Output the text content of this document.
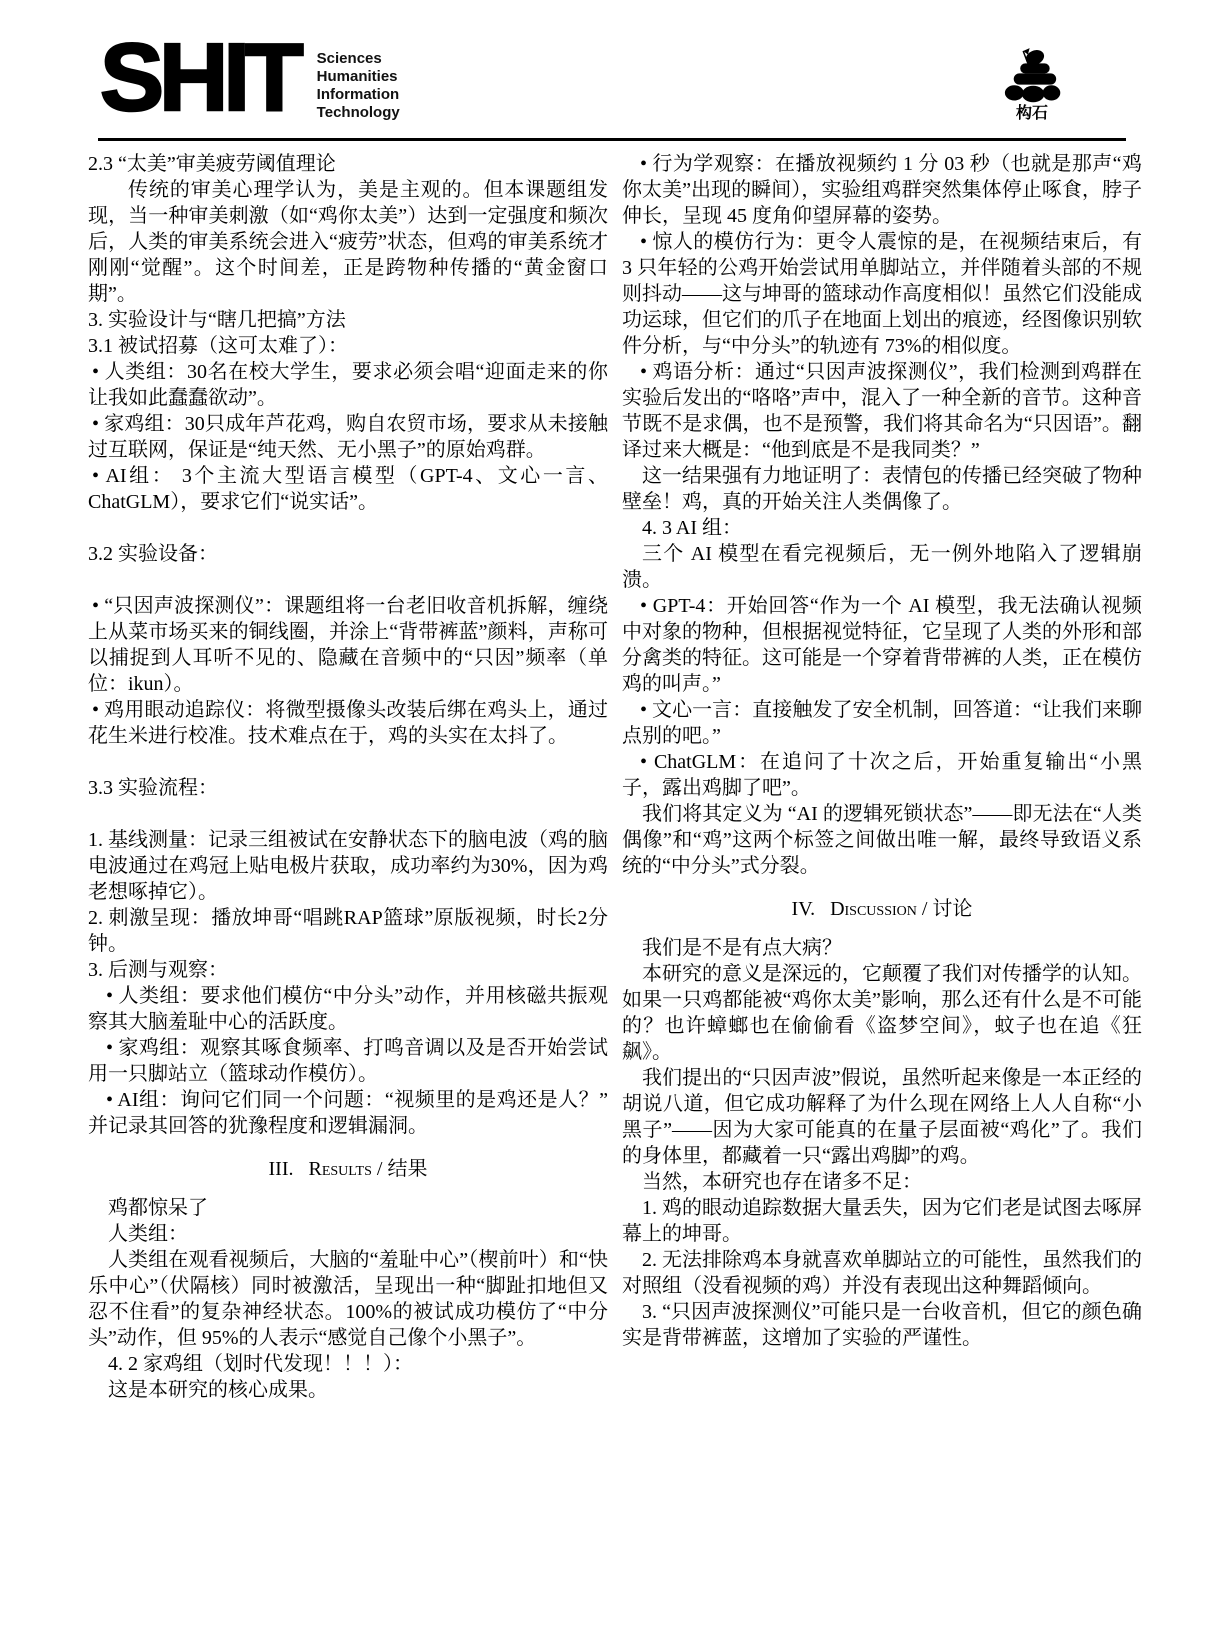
SHIT Sciences
Humanities
Information
Technology	构石

2.3 “太美”审美疲劳阈值理论

传统的审美心理学认为，美是主观的。但本课题组发现，当一种审美刺激（如“鸡你太美”）达到一定强度和频次后，人类的审美系统会进入“疲劳”状态，但鸡的审美系统才刚刚“觉醒”。这个时间差，正是跨物种传播的“黄金窗口期”。

3. 实验设计与“瞎几把搞”方法

3.1 被试招募（这可太难了）：

• 人类组：30名在校大学生，要求必须会唱“迎面走来的你让我如此蠢蠢欲动”。

• 家鸡组：30只成年芦花鸡，购自农贸市场，要求从未接触过互联网，保证是“纯天然、无小黑子”的原始鸡群。

• AI组： 3个主流大型语言模型（GPT-4、文心一言、ChatGLM），要求它们“说实话”。

3.2 实验设备：

• “只因声波探测仪”：课题组将一台老旧收音机拆解，缠绕上从菜市场买来的铜线圈，并涂上“背带裤蓝”颜料，声称可以捕捉到人耳听不见的、隐藏在音频中的“只因”频率（单位：ikun）。

• 鸡用眼动追踪仪：将微型摄像头改装后绑在鸡头上，通过花生米进行校准。技术难点在于，鸡的头实在太抖了。

3.3 实验流程：

1. 基线测量：记录三组被试在安静状态下的脑电波（鸡的脑电波通过在鸡冠上贴电极片获取，成功率约为30%，因为鸡老想啄掉它）。

2. 刺激呈现：播放坤哥“唱跳RAP篮球”原版视频，时长2分钟。

3. 后测与观察：

• 人类组：要求他们模仿“中分头”动作，并用核磁共振观察其大脑羞耻中心的活跃度。

• 家鸡组：观察其啄食频率、打鸣音调以及是否开始尝试用一只脚站立（篮球动作模仿）。

• AI组：询问它们同一个问题：“视频里的是鸡还是人？”并记录其回答的犹豫程度和逻辑漏洞。

III. Results / 结果

鸡都惊呆了

人类组：

人类组在观看视频后，大脑的“羞耻中心”（楔前叶）和“快乐中心”（伏隔核）同时被激活，呈现出一种“脚趾扣地但又忍不住看”的复杂神经状态。100%的被试成功模仿了“中分头”动作，但 95%的人表示“感觉自己像个小黑子”。

4. 2 家鸡组（划时代发现！！！）：

这是本研究的核心成果。

• 行为学观察：在播放视频约 1 分 03 秒（也就是那声“鸡你太美”出现的瞬间），实验组鸡群突然集体停止啄食，脖子伸长，呈现 45 度角仰望屏幕的姿势。

• 惊人的模仿行为：更令人震惊的是，在视频结束后，有 3 只年轻的公鸡开始尝试用单脚站立，并伴随着头部的不规则抖动——这与坤哥的篮球动作高度相似！虽然它们没能成功运球，但它们的爪子在地面上划出的痕迹，经图像识别软件分析，与“中分头”的轨迹有 73%的相似度。

• 鸡语分析：通过“只因声波探测仪”，我们检测到鸡群在实验后发出的“咯咯”声中，混入了一种全新的音节。这种音节既不是求偶，也不是预警，我们将其命名为“只因语”。翻译过来大概是：“他到底是不是我同类？”

这一结果强有力地证明了：表情包的传播已经突破了物种壁垒！鸡，真的开始关注人类偶像了。

4. 3 AI 组：

三个 AI 模型在看完视频后，无一例外地陷入了逻辑崩溃。

• GPT-4：开始回答“作为一个 AI 模型，我无法确认视频中对象的物种，但根据视觉特征，它呈现了人类的外形和部分禽类的特征。这可能是一个穿着背带裤的人类，正在模仿鸡的叫声。”

• 文心一言：直接触发了安全机制，回答道：“让我们来聊点别的吧。”

• ChatGLM：在追问了十次之后，开始重复输出“小黑子，露出鸡脚了吧”。

我们将其定义为 “AI 的逻辑死锁状态”——即无法在“人类偶像”和“鸡”这两个标签之间做出唯一解，最终导致语义系统的“中分头”式分裂。

IV. Discussion / 讨论

我们是不是有点大病？

本研究的意义是深远的，它颠覆了我们对传播学的认知。如果一只鸡都能被“鸡你太美”影响，那么还有什么是不可能的？也许蟑螂也在偷偷看《盗梦空间》，蚊子也在追《狂飙》。

我们提出的“只因声波”假说，虽然听起来像是一本正经的胡说八道，但它成功解释了为什么现在网络上人人自称“小黑子”——因为大家可能真的在量子层面被“鸡化”了。我们的身体里，都藏着一只“露出鸡脚”的鸡。

当然，本研究也存在诸多不足：

1. 鸡的眼动追踪数据大量丢失，因为它们老是试图去啄屏幕上的坤哥。

2. 无法排除鸡本身就喜欢单脚站立的可能性，虽然我们的对照组（没看视频的鸡）并没有表现出这种舞蹈倾向。

3. “只因声波探测仪”可能只是一台收音机，但它的颜色确实是背带裤蓝，这增加了实验的严谨性。
